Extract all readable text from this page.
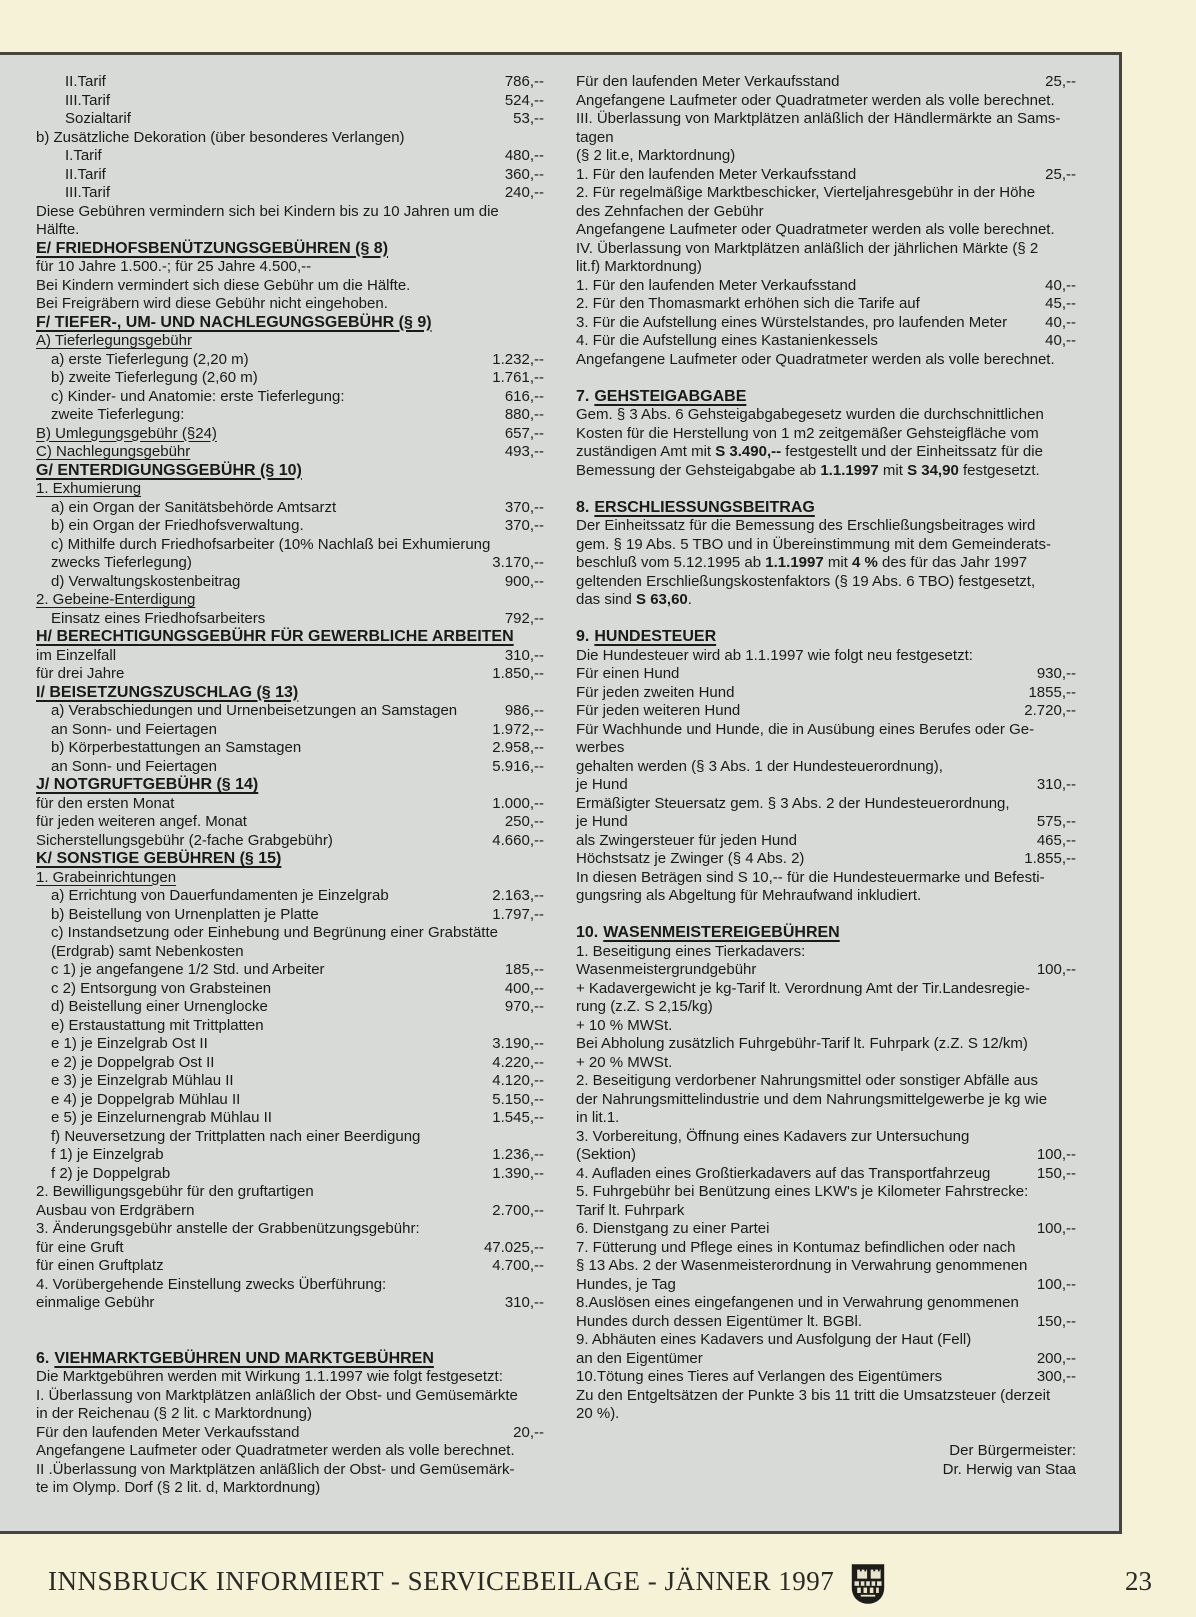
II.Tarif	786,--
III.Tarif	524,--
Sozialtarif	53,--
b) Zusätzliche Dekoration (über besonderes Verlangen)
I.Tarif	480,--
II.Tarif	360,--
III.Tarif	240,--
Diese Gebühren vermindern sich bei Kindern bis zu 10 Jahren um die
Hälfte.
E/ FRIEDHOFSBENÜTZUNGSGEBÜHREN (§ 8)
für 10 Jahre 1.500.-; für 25 Jahre 4.500,--
Bei Kindern vermindert sich diese Gebühr um die Hälfte.
Bei Freigräbern wird diese Gebühr nicht eingehoben.
F/ TIEFER-, UM- UND NACHLEGUNGSGEBÜHR (§ 9)
A) Tieferlegungsgebühr
a) erste Tieferlegung (2,20 m)	1.232,--
b) zweite Tieferlegung (2,60 m)	1.761,--
c) Kinder- und Anatomie: erste Tieferlegung:	616,--
zweite Tieferlegung:	880,--
B) Umlegungsgebühr (§24)	657,--
C) Nachlegungsgebühr	493,--
G/ ENTERDIGUNGSGEBÜHR (§ 10)
1. Exhumierung
a) ein Organ der Sanitätsbehörde Amtsarzt	370,--
b) ein Organ der Friedhofsverwaltung.	370,--
c) Mithilfe durch Friedhofsarbeiter (10% Nachlaß bei Exhumierung
zwecks Tieferlegung)	3.170,--
d) Verwaltungskostenbeitrag	900,--
2. Gebeine-Enterdigung
Einsatz eines Friedhofsarbeiters	792,--
H/ BERECHTIGUNGSGEBÜHR FÜR GEWERBLICHE ARBEITEN
im Einzelfall	310,--
für drei Jahre	1.850,--
I/ BEISETZUNGSZUSCHLAG (§ 13)
a) Verabschiedungen und Urnenbeisetzungen an Samstagen	986,--
an Sonn- und Feiertagen	1.972,--
b) Körperbestattungen an Samstagen	2.958,--
an Sonn- und Feiertagen	5.916,--
J/ NOTGRUFTGEBÜHR (§ 14)
für den ersten Monat	1.000,--
für jeden weiteren angef. Monat	250,--
Sicherstellungsgebühr (2-fache Grabgebühr)	4.660,--
K/ SONSTIGE GEBÜHREN (§ 15)
1. Grabeinrichtungen
a) Errichtung von Dauerfundamenten je Einzelgrab	2.163,--
b) Beistellung von Urnenplatten je Platte	1.797,--
c) Instandsetzung oder Einhebung und Begrünung einer Grabstätte
(Erdgrab) samt Nebenkosten
c 1) je angefangene 1/2 Std. und Arbeiter	185,--
c 2) Entsorgung von Grabsteinen	400,--
d) Beistellung einer Urnenglocke	970,--
e) Erstaustattung mit Trittplatten
e 1) je Einzelgrab Ost II	3.190,--
e 2) je Doppelgrab Ost II	4.220,--
e 3) je Einzelgrab Mühlau II	4.120,--
e 4) je Doppelgrab Mühlau II	5.150,--
e 5) je Einzelurnengrab Mühlau II	1.545,--
f) Neuversetzung der Trittplatten nach einer Beerdigung
f 1) je Einzelgrab	1.236,--
f 2) je Doppelgrab	1.390,--
2. Bewilligungsgebühr für den gruftartigen
Ausbau von Erdgräbern	2.700,--
3. Änderungsgebühr anstelle der Grabbenützungsgebühr:
für eine Gruft	47.025,--
für einen Gruftplatz	4.700,--
4. Vorübergehende Einstellung zwecks Überführung:
einmalige Gebühr	310,--
6. VIEHMARKTGEBÜHREN UND MARKTGEBÜHREN
Die Marktgebühren werden mit Wirkung 1.1.1997 wie folgt festgesetzt:
I. Überlassung von Marktplätzen anläßlich der Obst- und Gemüsemärkte
in der Reichenau (§ 2 lit. c Marktordnung)
Für den laufenden Meter Verkaufsstand	20,--
Angefangene Laufmeter oder Quadratmeter werden als volle berechnet.
II .Überlassung von Marktplätzen anläßlich der Obst- und Gemüsemärk-
te im Olymp. Dorf (§ 2 lit. d, Marktordnung)
Für den laufenden Meter Verkaufsstand	25,--
Angefangene Laufmeter oder Quadratmeter werden als volle berechnet.
III. Überlassung von Marktplätzen anläßlich der Händlermärkte an Sams-
tagen
(§ 2 lit.e, Marktordnung)
1. Für den laufenden Meter Verkaufsstand	25,--
2. Für regelmäßige Marktbeschicker, Vierteljahresgebühr in der Höhe
des Zehnfachen der Gebühr
Angefangene Laufmeter oder Quadratmeter werden als volle berechnet.
IV. Überlassung von Marktplätzen anläßlich der jährlichen Märkte (§ 2
lit.f) Marktordnung)
1. Für den laufenden Meter Verkaufsstand	40,--
2. Für den Thomasmarkt erhöhen sich die Tarife auf	45,--
3. Für die Aufstellung eines Würstelstandes, pro laufenden Meter	40,--
4. Für die Aufstellung eines Kastanienkessels	40,--
Angefangene Laufmeter oder Quadratmeter werden als volle berechnet.
7. GEHSTEIGABGABE
Gem. § 3 Abs. 6 Gehsteigabgabegesetz wurden die durchschnittlichen
Kosten für die Herstellung von 1 m2 zeitgemäßer Gehsteigfläche vom
zuständigen Amt mit S 3.490,-- festgestellt und der Einheitssatz für die
Bemessung der Gehsteigabgabe ab 1.1.1997 mit S 34,90 festgesetzt.
8. ERSCHLIESSUNGSBEITRAG
Der Einheitssatz für die Bemessung des Erschließungsbeitrages wird
gem. § 19 Abs. 5 TBO und in Übereinstimmung mit dem Gemeinderats-
beschluß vom 5.12.1995 ab 1.1.1997 mit 4 % des für das Jahr 1997
geltenden Erschließungskostenfaktors (§ 19 Abs. 6 TBO) festgesetzt,
das sind S 63,60.
9. HUNDESTEUER
Die Hundesteuer wird ab 1.1.1997 wie folgt neu festgesetzt:
Für einen Hund	930,--
Für jeden zweiten Hund	1855,--
Für jeden weiteren Hund	2.720,--
Für Wachhunde und Hunde, die in Ausübung eines Berufes oder Ge-
werbes
gehalten werden (§ 3 Abs. 1 der Hundesteuerordnung),
je Hund	310,--
Ermäßigter Steuersatz gem. § 3 Abs. 2 der Hundesteuerordnung,
je Hund	575,--
als Zwingersteuer für jeden Hund	465,--
Höchstsatz je Zwinger (§ 4 Abs. 2)	1.855,--
In diesen Beträgen sind S 10,-- für die Hundesteuermarke und Befesti-
gungsring als Abgeltung für Mehraufwand inkludiert.
10. WASENMEISTEREIGEBÜHREN
1. Beseitigung eines Tierkadavers:
Wasenmeistergrundgebühr	100,--
+ Kadavergewicht je kg-Tarif lt. Verordnung Amt der Tir.Landesregie-
rung (z.Z. S 2,15/kg)
+ 10 % MWSt.
Bei Abholung zusätzlich Fuhrgebühr-Tarif lt. Fuhrpark (z.Z. S 12/km)
+ 20 % MWSt.
2. Beseitigung verdorbener Nahrungsmittel oder sonstiger Abfälle aus
der Nahrungsmittelindustrie und dem Nahrungsmittelgewerbe je kg wie
in lit.1.
3. Vorbereitung, Öffnung eines Kadavers zur Untersuchung
(Sektion)	100,--
4. Aufladen eines Großtierkadavers auf das Transportfahrzeug	150,--
5. Fuhrgebühr bei Benützung eines LKW's je Kilometer Fahrstrecke:
Tarif lt. Fuhrpark
6. Dienstgang zu einer Partei	100,--
7. Fütterung und Pflege eines in Kontumaz befindlichen oder nach
§ 13 Abs. 2 der Wasenmeisterordnung in Verwahrung genommenen
Hundes, je Tag	100,--
8.Auslösen eines eingefangenen und in Verwahrung genommenen
Hundes durch dessen Eigentümer lt. BGBl.	150,--
9. Abhäuten eines Kadavers und Ausfolgung der Haut (Fell)
an den Eigentümer	200,--
10.Tötung eines Tieres auf Verlangen des Eigentümers	300,--
Zu den Entgeltsätzen der Punkte 3 bis 11 tritt die Umsatzsteuer (derzeit
20 %).
Der Bürgermeister:
Dr. Herwig van Staa
INNSBRUCK INFORMIERT - SERVICEBEILAGE - JÄNNER 1997	23
